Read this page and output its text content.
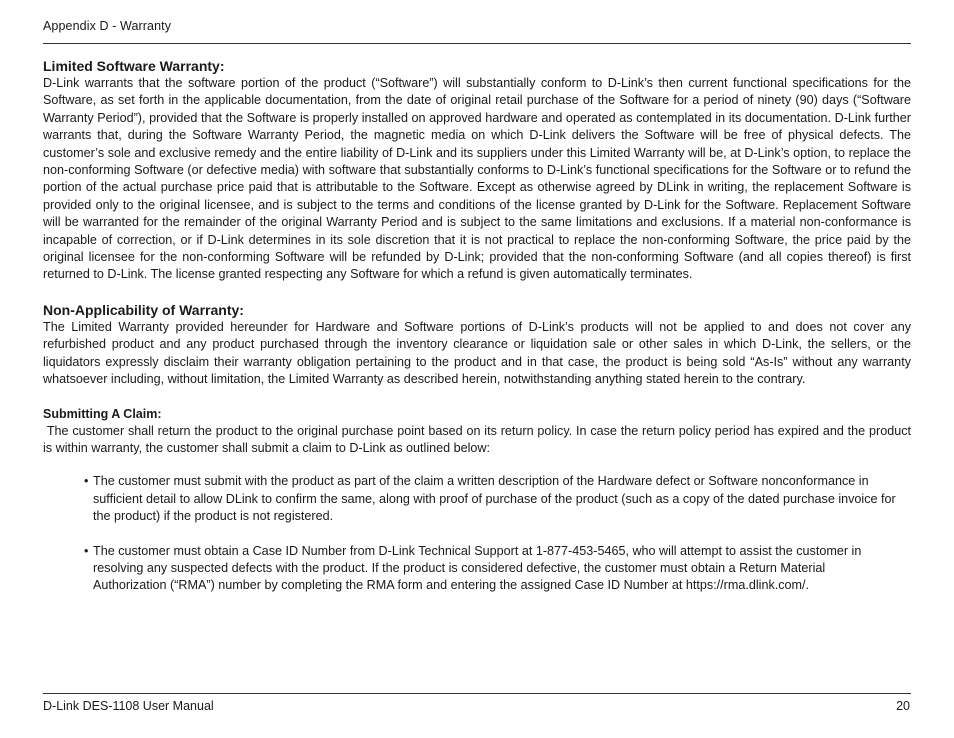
Appendix D - Warranty

Limited Software Warranty:

D-Link warrants that the software portion of the product (“Software”) will substantially conform to D-Link’s then current functional specifications for the Software, as set forth in the applicable documentation, from the date of original retail purchase of the Software for a period of ninety (90) days (“Software Warranty Period”), provided that the Software is properly installed on approved hardware and operated as contemplated in its documentation. D-Link further warrants that, during the Software Warranty Period, the magnetic media on which D-Link delivers the Software will be free of physical defects. The customer’s sole and exclusive remedy and the entire liability of D-Link and its suppliers under this Limited Warranty will be, at D-Link’s option, to replace the non-conforming Software (or defective media) with software that substantially conforms to D-Link’s functional specifications for the Software or to refund the portion of the actual purchase price paid that is attributable to the Software. Except as otherwise agreed by DLink in writing, the replacement Software is provided only to the original licensee, and is subject to the terms and conditions of the license granted by D-Link for the Software. Replacement Software will be warranted for the remainder of the original Warranty Period and is subject to the same limitations and exclusions. If a material non-conformance is incapable of correction, or if D-Link determines in its sole discretion that it is not practical to replace the non-conforming Software, the price paid by the original licensee for the non-conforming Software will be refunded by D-Link; provided that the non-conforming Software (and all copies thereof) is first returned to D-Link. The license granted respecting any Software for which a refund is given automatically terminates.

Non-Applicability of Warranty:

The Limited Warranty provided hereunder for Hardware and Software portions of D-Link’s products will not be applied to and does not cover any refurbished product and any product purchased through the inventory clearance or liquidation sale or other sales in which D-Link, the sellers, or the liquidators expressly disclaim their warranty obligation pertaining to the product and in that case, the product is being sold “As-Is” without any warranty whatsoever including, without limitation, the Limited Warranty as described herein, notwithstanding anything stated herein to the contrary.

Submitting A Claim:

The customer shall return the product to the original purchase point based on its return policy. In case the return policy period has expired and the product is within warranty, the customer shall submit a claim to D-Link as outlined below:

• The customer must submit with the product as part of the claim a written description of the Hardware defect or Software nonconformance in sufficient detail to allow DLink to confirm the same, along with proof of purchase of the product (such as a copy of the dated purchase invoice for the product) if the product is not registered.
• The customer must obtain a Case ID Number from D-Link Technical Support at 1-877-453-5465, who will attempt to assist the customer in resolving any suspected defects with the product. If the product is considered defective, the customer must obtain a Return Material Authorization (“RMA”) number by completing the RMA form and entering the assigned Case ID Number at https://rma.dlink.com/.
D-Link DES-1108 User Manual	20
